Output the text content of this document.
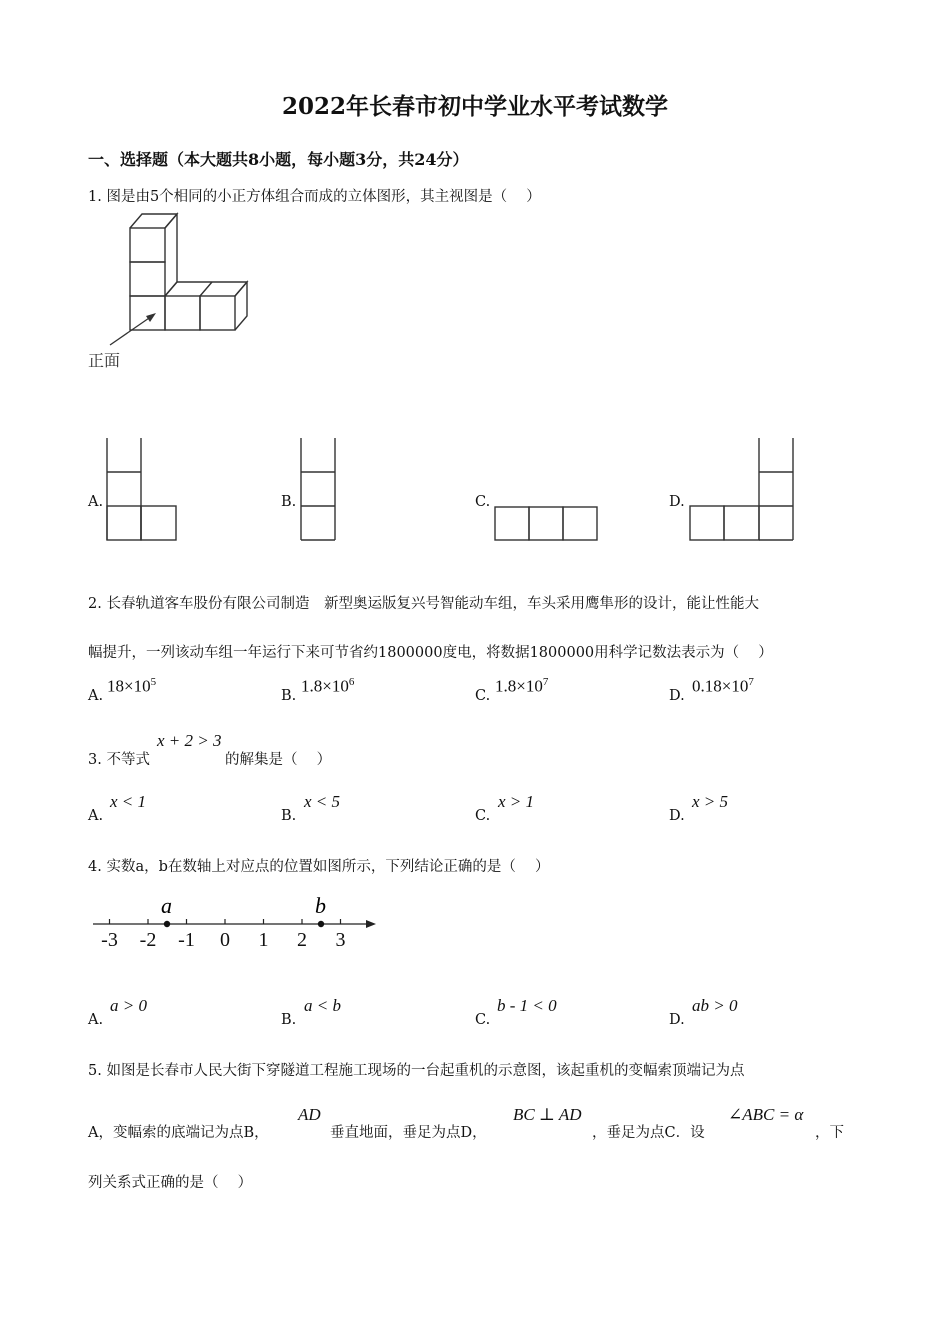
2022年长春市初中学业水平考试数学
一、选择题（本大题共8小题，每小题3分，共24分）
1. 图是由5个相同的小正方体组合而成的立体图形，其主视图是（　 ）
正面
A.	B.	C.	D.
2. 长春轨道客车股份有限公司制造　新型奥运版复兴号智能动车组，车头采用鹰隼形的设计，能让性能大
幅提升，一列该动车组一年运行下来可节省约1800000度电，将数据1800000用科学记数法表示为（　 ）
A.
$18\times 10^5$
B.
$1.8\times 10^6$
C.
$1.8\times 10^7$
D.
$0.18\times 10^7$
3. 不等式
x + 2 > 3
的解集是（　 ）
A.
x < 1
B.
x < 5
C.
x > 1
D.
x > 5
4. 实数a，b在数轴上对应点的位置如图所示，下列结论正确的是（　 ）
a	b
-3 -2 -1 0 1 2 3
A.
a > 0
B.
a < b
C.
b - 1 < 0
D.
ab > 0
5. 如图是长春市人民大街下穿隧道工程施工现场的一台起重机的示意图，该起重机的变幅索顶端记为点
A，变幅索的底端记为点B，
AD
垂直地面，垂足为点D，
BC ⊥ AD
，垂足为点C．设
∠ABC = α
，下
列关系式正确的是（　 ）
